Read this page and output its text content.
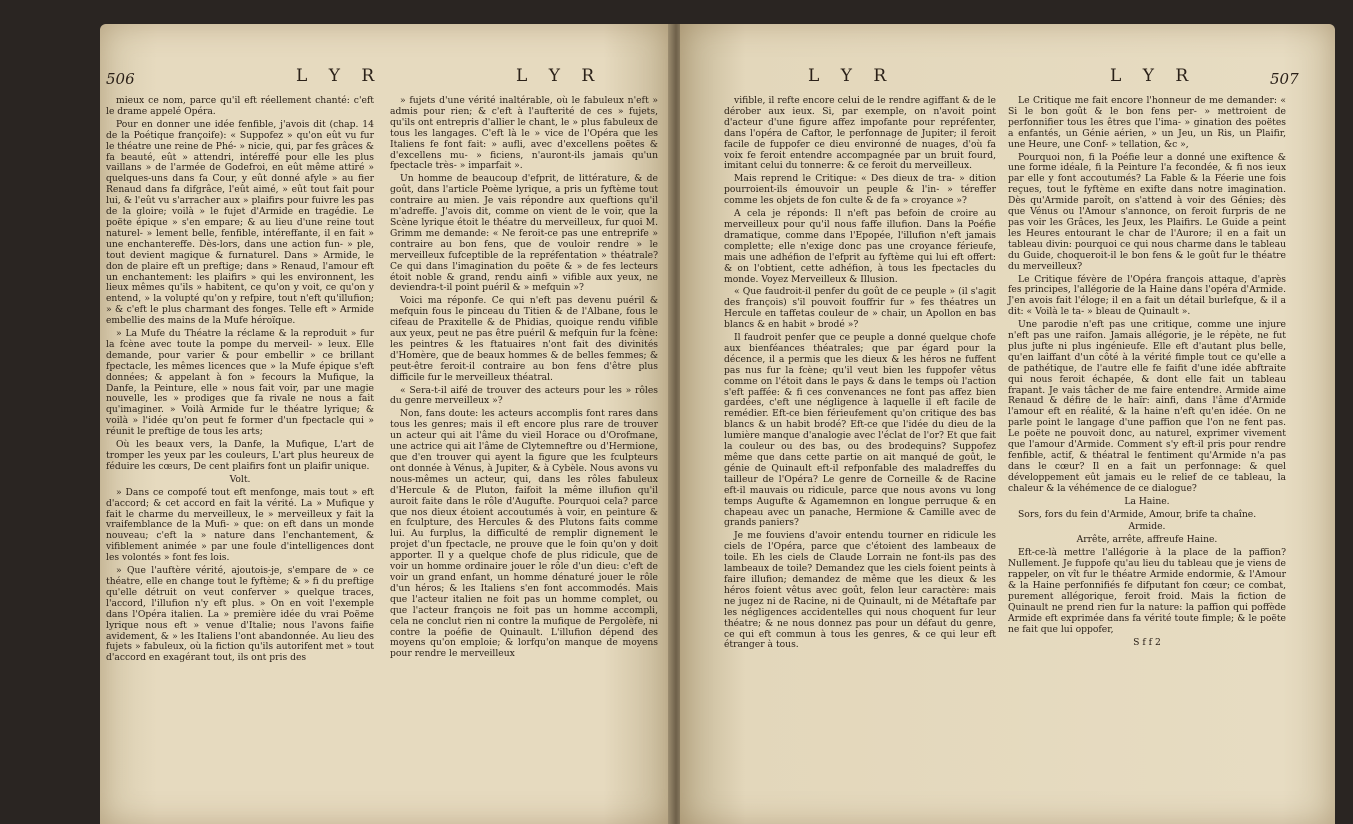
506	L Y R	L Y R

mieux ce nom, parce qu'il eft réellement chanté: c'eft le drame appelé Opéra.

Pour en donner une idée fenfible, j'avois dit (chap. 14 de la Poétique françoife): « Suppofez » qu'on eût vu fur le théatre une reine de Phé- » nicie, qui, par fes grâces & fa beauté, eût » attendri, intéreffé pour elle les plus vaillans » de l'armée de Godefroi, en eût même attiré » quelques-uns dans fa Cour, y eût donné afyle » au fier Renaud dans fa difgrâce, l'eût aimé, » eût tout fait pour lui, & l'eût vu s'arracher aux » plaifirs pour fuivre les pas de la gloire; voilà » le fujet d'Armide en tragédie. Le poëte épique » s'en empare; & au lieu d'une reine tout naturel- » lement belle, fenfible, intéreffante, il en fait » une enchantereffe. Dès-lors, dans une action fun- » ple, tout devient magique & furnaturel. Dans » Armide, le don de plaire eft un preftige; dans » Renaud, l'amour eft un enchantement: les plaifirs » qui les environnent, les lieux mêmes qu'ils » habitent, ce qu'on y voit, ce qu'on y entend, » la volupté qu'on y refpire, tout n'eft qu'illufion; » & c'eft le plus charmant des fonges. Telle eft » Armide embellie des mains de la Mufe héroïque.

» La Mufe du Théatre la réclame & la reproduit » fur la fcène avec toute la pompe du merveil- » leux. Elle demande, pour varier & pour embellir » ce brillant fpectacle, les mêmes licences que » la Mufe épique s'eft données; & appelant à fon » fecours la Mufique, la Danfe, la Peinture, elle » nous fait voir, par une magie nouvelle, les » prodiges que fa rivale ne nous a fait qu'imaginer. » Voilà Armide fur le théatre lyrique; & voilà » l'idée qu'on peut fe former d'un fpectacle qui » réunit le preftige de tous les arts;

Où les beaux vers, la Danfe, la Mufique, L'art de tromper les yeux par les couleurs, L'art plus heureux de féduire les cœurs, De cent plaifirs font un plaifir unique.

Volt.

» Dans ce compofé tout eft menfonge, mais tout » eft d'accord; & cet accord en fait la vérité. La » Mufique y fait le charme du merveilleux, le » merveilleux y fait la vraifemblance de la Mufi- » que: on eft dans un monde nouveau; c'eft la » nature dans l'enchantement, & vifiblement animée » par une foule d'intelligences dont les volontés » font fes lois.

» Que l'auftère vérité, ajoutois-je, s'empare de » ce théatre, elle en change tout le fyftème; & » fi du preftige qu'elle détruit on veut conferver » quelque traces, l'accord, l'illufion n'y eft plus. » On en voit l'exemple dans l'Opéra italien. La » première idée du vrai Poëme lyrique nous eft » venue d'Italie; nous l'avons faifie avidement, & » les Italiens l'ont abandonnée. Au lieu des fujets » fabuleux, où la fiction qu'ils autorifent met » tout d'accord en exagérant tout, ils ont pris des

» fujets d'une vérité inaltérable, où le fabuleux n'eft » admis pour rien; & c'eft à l'aufterité de ces » fujets, qu'ils ont entrepris d'allier le chant, le » plus fabuleux de tous les langages. C'eft là le » vice de l'Opéra que les Italiens fe font fait: » aufli, avec d'excellens poëtes & d'excellens mu- » ficiens, n'auront-ils jamais qu'un fpectacle très- » imparfait ».

Un homme de beaucoup d'efprit, de littérature, & de goût, dans l'article Poème lyrique, a pris un fyftème tout contraire au mien. Je vais répondre aux queftions qu'il m'adreffe. J'avois dit, comme on vient de le voir, que la Scène lyrique étoit le théatre du merveilleux, fur quoi M. Grimm me demande: « Ne feroit-ce pas une entreprife » contraire au bon fens, que de vouloir rendre » le merveilleux fufceptible de la repréfentation » théatrale? Ce qui dans l'imagination du poëte & » de fes lecteurs étoit noble & grand, rendu ainfi » vifible aux yeux, ne deviendra-t-il point puéril & » mefquin »?

Voici ma réponfe. Ce qui n'eft pas devenu puéril & mefquin fous le pinceau du Titien & de l'Albane, fous le cifeau de Praxitelle & de Phidias, quoique rendu vifible aux yeux, peut ne pas être puéril & mefquin fur la fcène: les peintres & les ftatuaires n'ont fait des divinités d'Homère, que de beaux hommes & de belles femmes; & peut-être feroit-il contraire au bon fens d'être plus difficile fur le merveilleux théatral.

« Sera-t-il aifé de trouver des acteurs pour les » rôles du genre merveilleux »?

Non, fans doute: les acteurs accomplis font rares dans tous les genres; mais il eft encore plus rare de trouver un acteur qui ait l'âme du vieil Horace ou d'Orofmane, une actrice qui ait l'âme de Clytemneftre ou d'Hermione, que d'en trouver qui ayent la figure que les fculpteurs ont donnée à Vénus, à Jupiter, & à Cybèle. Nous avons vu nous-mêmes un acteur, qui, dans les rôles fabuleux d'Hercule & de Pluton, faifoit la même illufion qu'il auroit faite dans le rôle d'Augufte. Pourquoi cela? parce que nos dieux étoient accoutumés à voir, en peinture & en fculpture, des Hercules & des Plutons faits comme lui. Au furplus, la difficulté de remplir dignement le projet d'un fpectacle, ne prouve que le foin qu'on y doit apporter. Il y a quelque chofe de plus ridicule, que de voir un homme ordinaire jouer le rôle d'un dieu: c'eft de voir un grand enfant, un homme dénaturé jouer le rôle d'un héros; & les Italiens s'en font accommodés. Mais que l'acteur italien ne foit pas un homme complet, ou que l'acteur françois ne foit pas un homme accompli, cela ne conclut rien ni contre la mufique de Pergolèfe, ni contre la poéfie de Quinault. L'illufion dépend des moyens qu'on emploie; & lorfqu'on manque de moyens pour rendre le merveilleux

L Y R	L Y R	507

vifible, il refte encore celui de le rendre agiffant & de le dérober aux ieux. Si, par exemple, on n'avoit point d'acteur d'une figure affez impofante pour repréfenter, dans l'opéra de Caftor, le perfonnage de Jupiter; il feroit facile de fuppofer ce dieu environné de nuages, d'où fa voix fe feroit entendre accompagnée par un bruit fourd, imitant celui du tonnerre: & ce feroit du merveilleux.

Mais reprend le Critique: « Des dieux de tra- » dition pourroient-ils émouvoir un peuple & l'in- » téreffer comme les objets de fon culte & de fa » croyance »?

A cela je réponds: Il n'eft pas befoin de croire au merveilleux pour qu'il nous faffe illufion. Dans la Poéfie dramatique, comme dans l'Epopée, l'illufion n'eft jamais complette; elle n'exige donc pas une croyance férieufe, mais une adhéfion de l'efprit au fyftème qui lui eft offert: & on l'obtient, cette adhéfion, à tous les fpectacles du monde. Voyez Merveilleux & Illusion.

« Que faudroit-il penfer du goût de ce peuple » (il s'agit des françois) s'il pouvoit fouffrir fur » fes théatres un Hercule en taffetas couleur de » chair, un Apollon en bas blancs & en habit » brodé »?

Il faudroit penfer que ce peuple a donné quelque chofe aux bienféances théatrales; que par égard pour la décence, il a permis que les dieux & les héros ne fuffent pas nus fur la fcène; qu'il veut bien les fuppofer vêtus comme on l'étoit dans le pays & dans le temps où l'action s'eft paffée: & fi ces convenances ne font pas affez bien gardées, c'eft une négligence à laquelle il eft facile de remédier. Eft-ce bien férieufement qu'on critique des bas blancs & un habit brodé? Eft-ce que l'idée du dieu de la lumière manque d'analogie avec l'éclat de l'or? Et que fait la couleur ou des bas, ou des brodequins? Suppofez même que dans cette partie on ait manqué de goût, le génie de Quinault eft-il refponfable des maladreffes du tailleur de l'Opéra? Le genre de Corneille & de Racine eft-il mauvais ou ridicule, parce que nous avons vu long temps Augufte & Agamemnon en longue perruque & en chapeau avec un panache, Hermione & Camille avec de grands paniers?

Je me fouviens d'avoir entendu tourner en ridicule les ciels de l'Opéra, parce que c'étoient des lambeaux de toile. Eh les ciels de Claude Lorrain ne font-ils pas des lambeaux de toile? Demandez que les ciels foient peints à faire illufion; demandez de même que les dieux & les héros foient vêtus avec goût, felon leur caractère: mais ne jugez ni de Racine, ni de Quinault, ni de Métaftafe par les négligences accidentelles qui nous choquent fur leur théatre; & ne nous donnez pas pour un défaut du genre, ce qui eft commun à tous les genres, & ce qui leur eft étranger à tous.

Le Critique me fait encore l'honneur de me demander: « Si le bon goût & le bon fens per- » mettroient de perfonnifier tous les êtres que l'ima- » gination des poëtes a enfantés, un Génie aérien, » un Jeu, un Ris, un Plaifir, une Heure, une Conf- » tellation, &c »,

Pourquoi non, fi la Poéfie leur a donné une exiftence & une forme idéale, fi la Peinture l'a fecondée, & fi nos ieux par elle y font accoutumés? La Fable & la Féerie une fois reçues, tout le fyftème en exifte dans notre imagination. Dès qu'Armide paroît, on s'attend à voir des Génies; dès que Vénus ou l'Amour s'annonce, on feroit furpris de ne pas voir les Grâces, les Jeux, les Plaifirs. Le Guide a peint les Heures entourant le char de l'Aurore; il en a fait un tableau divin: pourquoi ce qui nous charme dans le tableau du Guide, choqueroit-il le bon fens & le goût fur le théatre du merveilleux?

Le Critique févère de l'Opéra françois attaque, d'après fes principes, l'allégorie de la Haine dans l'opéra d'Armide. J'en avois fait l'éloge; il en a fait un détail burlefque, & il a dit: « Voilà le ta- » bleau de Quinault ».

Une parodie n'eft pas une critique, comme une injure n'eft pas une raifon. Jamais allégorie, je le répète, ne fut plus jufte ni plus ingénieufe. Elle eft d'autant plus belle, qu'en laiffant d'un côté à la vérité fimple tout ce qu'elle a de pathétique, de l'autre elle fe faifit d'une idée abftraite qui nous feroit échapée, & dont elle fait un tableau frapant. Je vais tâcher de me faire entendre. Armide aime Renaud & défire de le haïr: ainfi, dans l'âme d'Armide l'amour eft en réalité, & la haine n'eft qu'en idée. On ne parle point le langage d'une paffion que l'on ne fent pas. Le poëte ne pouvoit donc, au naturel, exprimer vivement que l'amour d'Armide. Comment s'y eft-il pris pour rendre fenfible, actif, & théatral le fentiment qu'Armide n'a pas dans le cœur? Il en a fait un perfonnage: & quel développement eût jamais eu le relief de ce tableau, la chaleur & la véhémence de ce dialogue?

La Haine.

Sors, fors du fein d'Armide, Amour, brife ta chaîne.

Armide.

Arrête, arrête, affreufe Haine.

Eft-ce-là mettre l'allégorie à la place de la paffion? Nullement. Je fuppofe qu'au lieu du tableau que je viens de rappeler, on vît fur le théatre Armide endormie, & l'Amour & la Haine perfonnifiés fe difputant fon cœur; ce combat, purement allégorique, feroit froid. Mais la fiction de Quinault ne prend rien fur la nature: la paffion qui poffède Armide eft exprimée dans fa vérité toute fimple; & le poëte ne fait que lui oppofer,

S f f 2
